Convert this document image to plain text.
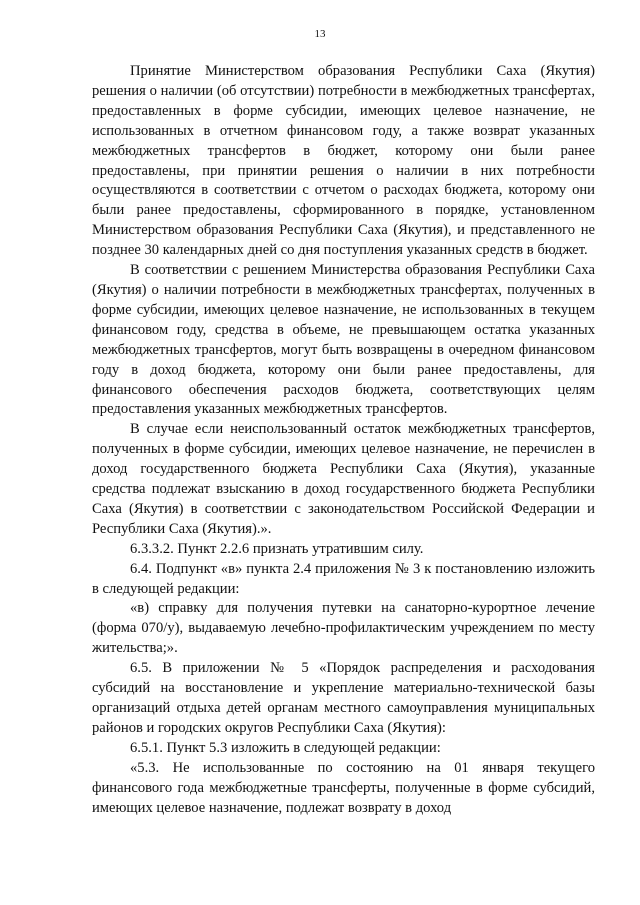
13

Принятие Министерством образования Республики Саха (Якутия) решения о наличии (об отсутствии) потребности в межбюджетных трансфертах, предоставленных в форме субсидии, имеющих целевое назначение, не использованных в отчетном финансовом году, а также возврат указанных межбюджетных трансфертов в бюджет, которому они были ранее предоставлены, при принятии решения о наличии в них потребности осуществляются в соответствии с отчетом о расходах бюджета, которому они были ранее предоставлены, сформированного в порядке, установленном Министерством образования Республики Саха (Якутия), и представленного не позднее 30 календарных дней со дня поступления указанных средств в бюджет.

В соответствии с решением Министерства образования Республики Саха (Якутия) о наличии потребности в межбюджетных трансфертах, полученных в форме субсидии, имеющих целевое назначение, не использованных в текущем финансовом году, средства в объеме, не превышающем остатка указанных межбюджетных трансфертов, могут быть возвращены в очередном финансовом году в доход бюджета, которому они были ранее предоставлены, для финансового обеспечения расходов бюджета, соответствующих целям предоставления указанных межбюджетных трансфертов.

В случае если неиспользованный остаток межбюджетных трансфертов, полученных в форме субсидии, имеющих целевое назначение, не перечислен в доход государственного бюджета Республики Саха (Якутия), указанные средства подлежат взысканию в доход государственного бюджета Республики Саха (Якутия) в соответствии с законодательством Российской Федерации и Республики Саха (Якутия).».

6.3.3.2. Пункт 2.2.6 признать утратившим силу.

6.4. Подпункт «в» пункта 2.4 приложения № 3 к постановлению изложить в следующей редакции:

«в) справку для получения путевки на санаторно-курортное лечение (форма 070/у), выдаваемую лечебно-профилактическим учреждением по месту жительства;».

6.5. В приложении № 5 «Порядок распределения и расходования субсидий на восстановление и укрепление материально-технической базы организаций отдыха детей органам местного самоуправления муниципальных районов и городских округов Республики Саха (Якутия):

6.5.1. Пункт 5.3 изложить в следующей редакции:

«5.3. Не использованные по состоянию на 01 января текущего финансового года межбюджетные трансферты, полученные в форме субсидий, имеющих целевое назначение, подлежат возврату в доход
